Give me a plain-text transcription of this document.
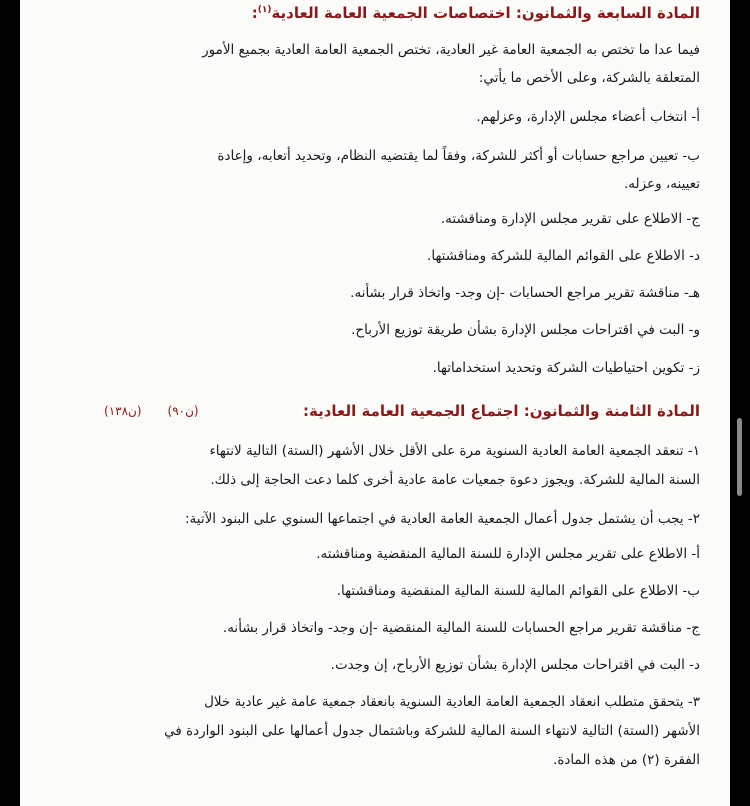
المادة السابعة والثمانون: اختصاصات الجمعية العامة العادية$^{(١)}$:
فيما عدا ما تختص به الجمعية العامة غير العادية، تختص الجمعية العامة العادية بجميع الأمور
المتعلقة بالشركة، وعلى الأخص ما يأتي:
أ- انتخاب أعضاء مجلس الإدارة، وعزلهم.
ب- تعيين مراجع حسابات أو أكثر للشركة، وفقاً لما يقتضيه النظام، وتحديد أتعابه، وإعادة
تعيينه، وعزله.
ج- الاطلاع على تقرير مجلس الإدارة ومناقشته.
د- الاطلاع على القوائم المالية للشركة ومناقشتها.
هـ- مناقشة تقرير مراجع الحسابات -إن وجد- واتخاذ قرار بشأنه.
و- البت في اقتراحات مجلس الإدارة بشأن طريقة توزيع الأرباح.
ز- تكوين احتياطيات الشركة وتحديد استخداماتها.
المادة الثامنة والثمانون: اجتماع الجمعية العامة العادية:
(ن٩٠)(ن١٣٨)
١- تنعقد الجمعية العامة العادية السنوية مرة على الأقل خلال الأشهر (الستة) التالية لانتهاء
السنة المالية للشركة. ويجوز دعوة جمعيات عامة عادية أخرى كلما دعت الحاجة إلى ذلك.
٢- يجب أن يشتمل جدول أعمال الجمعية العامة العادية في اجتماعها السنوي على البنود الآتية:
أ- الاطلاع على تقرير مجلس الإدارة للسنة المالية المنقضية ومناقشته.
ب- الاطلاع على القوائم المالية للسنة المالية المنقضية ومناقشتها.
ج- مناقشة تقرير مراجع الحسابات للسنة المالية المنقضية -إن وجد- واتخاذ قرار بشأنه.
د- البت في اقتراحات مجلس الإدارة بشأن توزيع الأرباح، إن وجدت.
٣- يتحقق متطلب انعقاد الجمعية العامة العادية السنوية بانعقاد جمعية عامة غير عادية خلال
الأشهر (الستة) التالية لانتهاء السنة المالية للشركة وباشتمال جدول أعمالها على البنود الواردة في
الفقرة (٢) من هذه المادة.
